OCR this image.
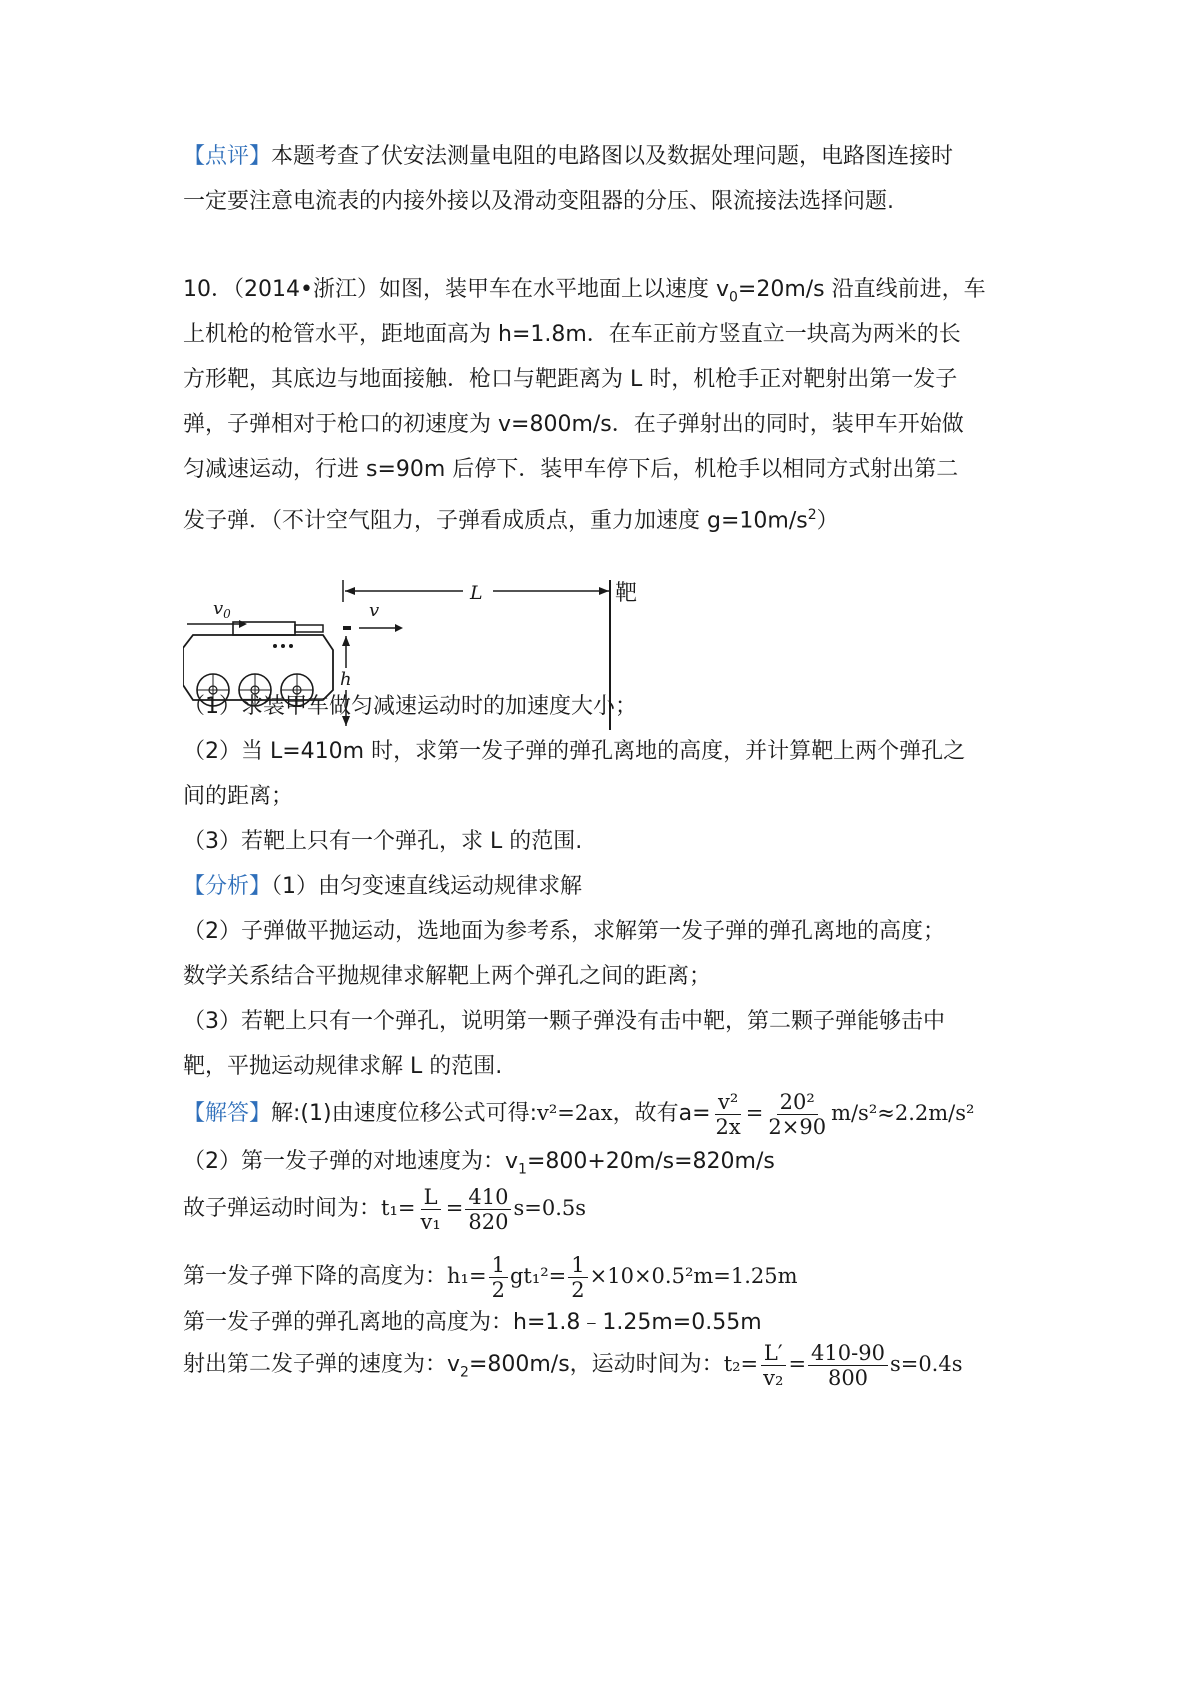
【点评】本题考查了伏安法测量电阻的电路图以及数据处理问题，电路图连接时
一定要注意电流表的内接外接以及滑动变阻器的分压、限流接法选择问题.
10．（2014•浙江）如图，装甲车在水平地面上以速度 $v_0=20m/s$ 沿直线前进，车
上机枪的枪管水平，距地面高为 h=1.8m．在车正前方竖直立一块高为两米的长
方形靶，其底边与地面接触．枪口与靶距离为 L 时，机枪手正对靶射出第一发子
弹，子弹相对于枪口的初速度为 v=800m/s．在子弹射出的同时，装甲车开始做
匀减速运动，行进 s=90m 后停下．装甲车停下后，机枪手以相同方式射出第二
发子弹．（不计空气阻力，子弹看成质点，重力加速度 $g=10m/s^2$）
$v_0$	v
L	靶
h
（1）求装甲车做匀减速运动时的加速度大小；
（2）当 L=410m 时，求第一发子弹的弹孔离地的高度，并计算靶上两个弹孔之
间的距离；
（3）若靶上只有一个弹孔，求 L 的范围.
【分析】（1）由匀变速直线运动规律求解
（2）子弹做平抛运动，选地面为参考系，求解第一发子弹的弹孔离地的高度；
数学关系结合平抛规律求解靶上两个弹孔之间的距离；
（3）若靶上只有一个弹孔，说明第一颗子弹没有击中靶，第二颗子弹能够击中
靶，平抛运动规律求解 L 的范围.
【解答】解:(1)由速度位移公式可得:v²=2ax，故有$a= \frac{\text{v²}}{2x} = \frac{\text{20²}}{2\times 90} m/s^2\approx 2.2m/s^2$
（2）第一发子弹的对地速度为：$v_1=800+20m/s=820m/s$
故子弹运动时间为：$t_1= \frac{L}{\text{v₁}} = \frac{410}{820} s=0.5s$
第一发子弹下降的高度为：$h_1= \frac{1}{2} gt_1^2= \frac{1}{2} \times 10\times 0.5^2m=1.25m$
第一发子弹的弹孔离地的高度为：h=1.8﹣1.25m=0.55m
射出第二发子弹的速度为：$v_2=800m/s$，运动时间为：$t_2= \frac{L'}{\text{v₂}} = \frac{410-90}{800} s=0.4s$
